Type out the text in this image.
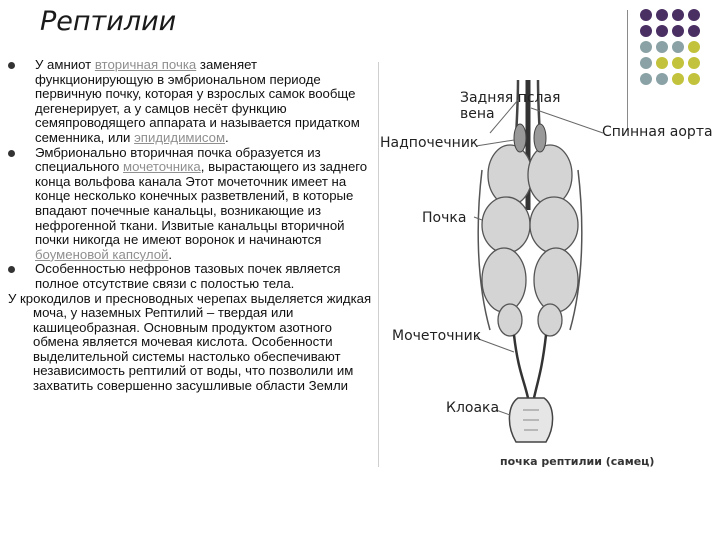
Рептилии

У амниот вторичная почка заменяет функционирующую в эмбриональном периоде первичную почку, которая у взрослых самок вообще дегенерирует, а у самцов несёт функцию семяпроводящего аппарата и называется придатком семенника, или эпидидимисом.

Эмбрионально вторичная почка образуется из специального мочеточника, вырастающего из заднего конца вольфова канала Этот мочеточник имеет на конце несколько конечных разветвлений, в которые впадают почечные канальцы, возникающие из нефрогенной ткани. Извитые канальцы вторичной почки никогда не имеют воронок и начинаются боуменовой капсулой.

Особенностью нефронов тазовых почек является полное отсутствие связи с полостью тела.

У крокодилов и пресноводных черепах выделяется жидкая моча, у наземных Рептилий – твердая или кашицеобразная. Основным продуктом азотного обмена является мочевая кислота. Особенности выделительной системы настолько обеспечивают независимость рептилий от воды, что позволили им захватить совершенно засушливые области Земли

Задняя пслая
вена
Спинная аорта
Надпочечник
Почка
Мочеточник
Клоака
почка рептилии (самец)
